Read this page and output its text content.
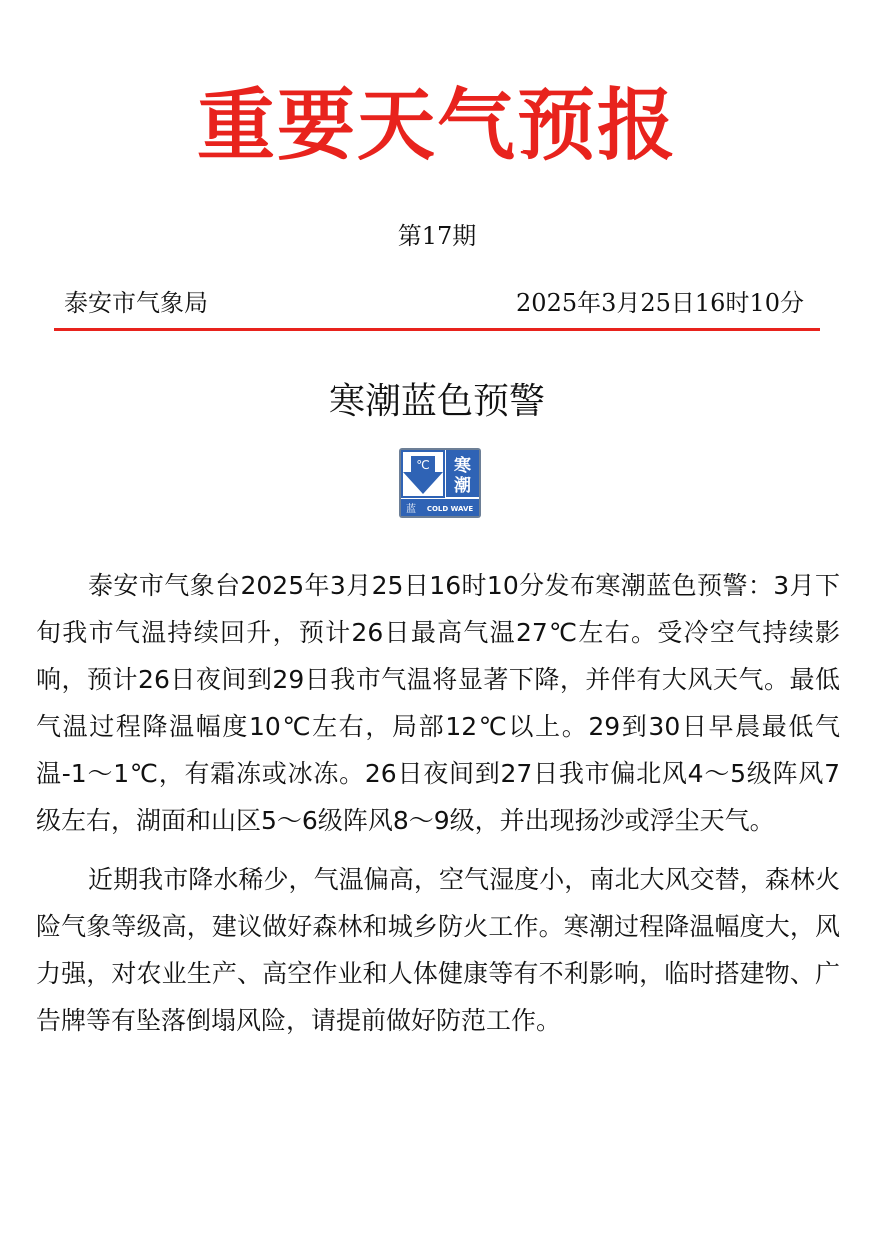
重要天气预报
第17期
泰安市气象局	2025年3月25日16时10分
寒潮蓝色预警
℃ 寒
潮
蓝 COLD WAVE

泰安市气象台2025年3月25日16时10分发布寒潮蓝色预警：3月下旬我市气温持续回升，预计26日最高气温27℃左右。受冷空气持续影响，预计26日夜间到29日我市气温将显著下降，并伴有大风天气。最低气温过程降温幅度10℃左右，局部12℃以上。29到30日早晨最低气温-1～1℃，有霜冻或冰冻。26日夜间到27日我市偏北风4～5级阵风7级左右，湖面和山区5～6级阵风8～9级，并出现扬沙或浮尘天气。

近期我市降水稀少，气温偏高，空气湿度小，南北大风交替，森林火险气象等级高，建议做好森林和城乡防火工作。寒潮过程降温幅度大，风力强，对农业生产、高空作业和人体健康等有不利影响，临时搭建物、广告牌等有坠落倒塌风险，请提前做好防范工作。
